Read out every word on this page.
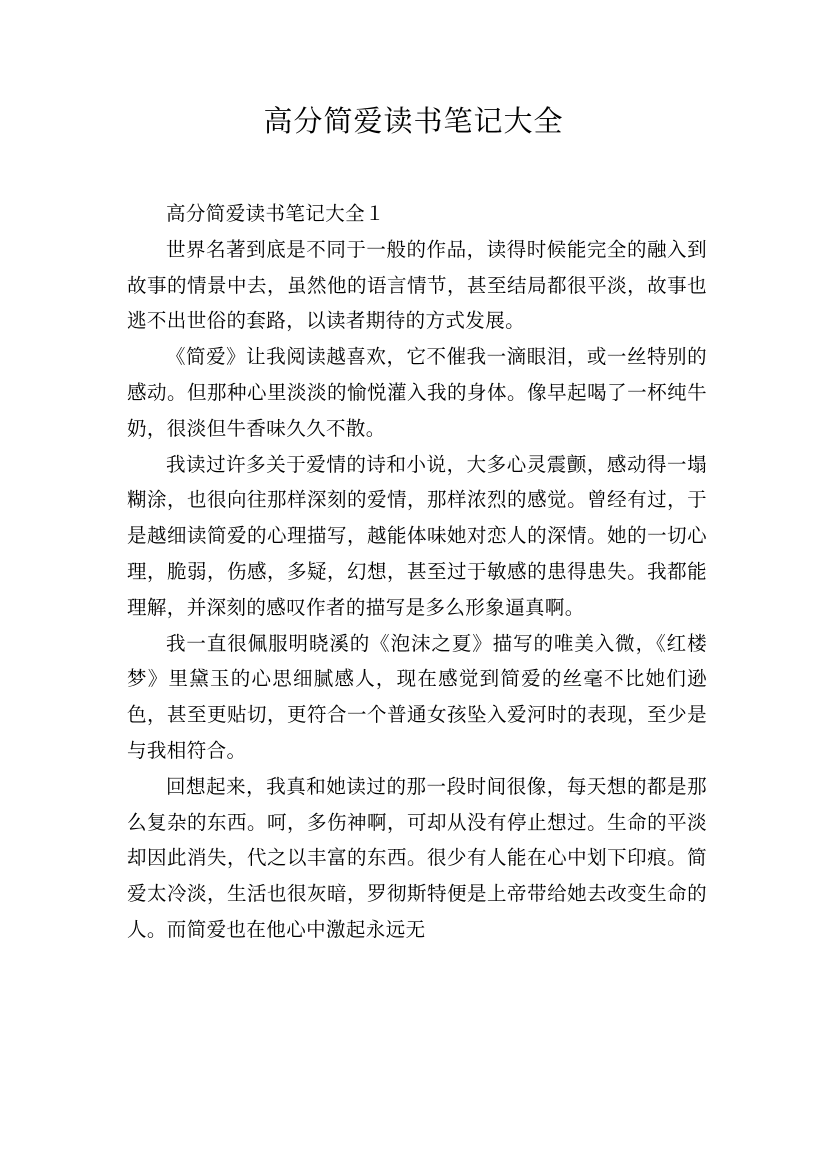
高分简爱读书笔记大全

高分简爱读书笔记大全１

世界名著到底是不同于一般的作品，读得时候能完全的融入到故事的情景中去，虽然他的语言情节，甚至结局都很平淡，故事也逃不出世俗的套路，以读者期待的方式发展。

《简爱》让我阅读越喜欢，它不催我一滴眼泪，或一丝特别的感动。但那种心里淡淡的愉悦灌入我的身体。像早起喝了一杯纯牛奶，很淡但牛香味久久不散。

我读过许多关于爱情的诗和小说，大多心灵震颤，感动得一塌糊涂，也很向往那样深刻的爱情，那样浓烈的感觉。曾经有过，于是越细读简爱的心理描写，越能体味她对恋人的深情。她的一切心理，脆弱，伤感，多疑，幻想，甚至过于敏感的患得患失。我都能理解，并深刻的感叹作者的描写是多么形象逼真啊。

我一直很佩服明晓溪的《泡沫之夏》描写的唯美入微，《红楼梦》里黛玉的心思细腻感人，现在感觉到简爱的丝毫不比她们逊色，甚至更贴切，更符合一个普通女孩坠入爱河时的表现，至少是与我相符合。

回想起来，我真和她读过的那一段时间很像，每天想的都是那么复杂的东西。呵，多伤神啊，可却从没有停止想过。生命的平淡却因此消失，代之以丰富的东西。很少有人能在心中划下印痕。简爱太冷淡，生活也很灰暗，罗彻斯特便是上帝带给她去改变生命的人。而简爱也在他心中激起永远无
